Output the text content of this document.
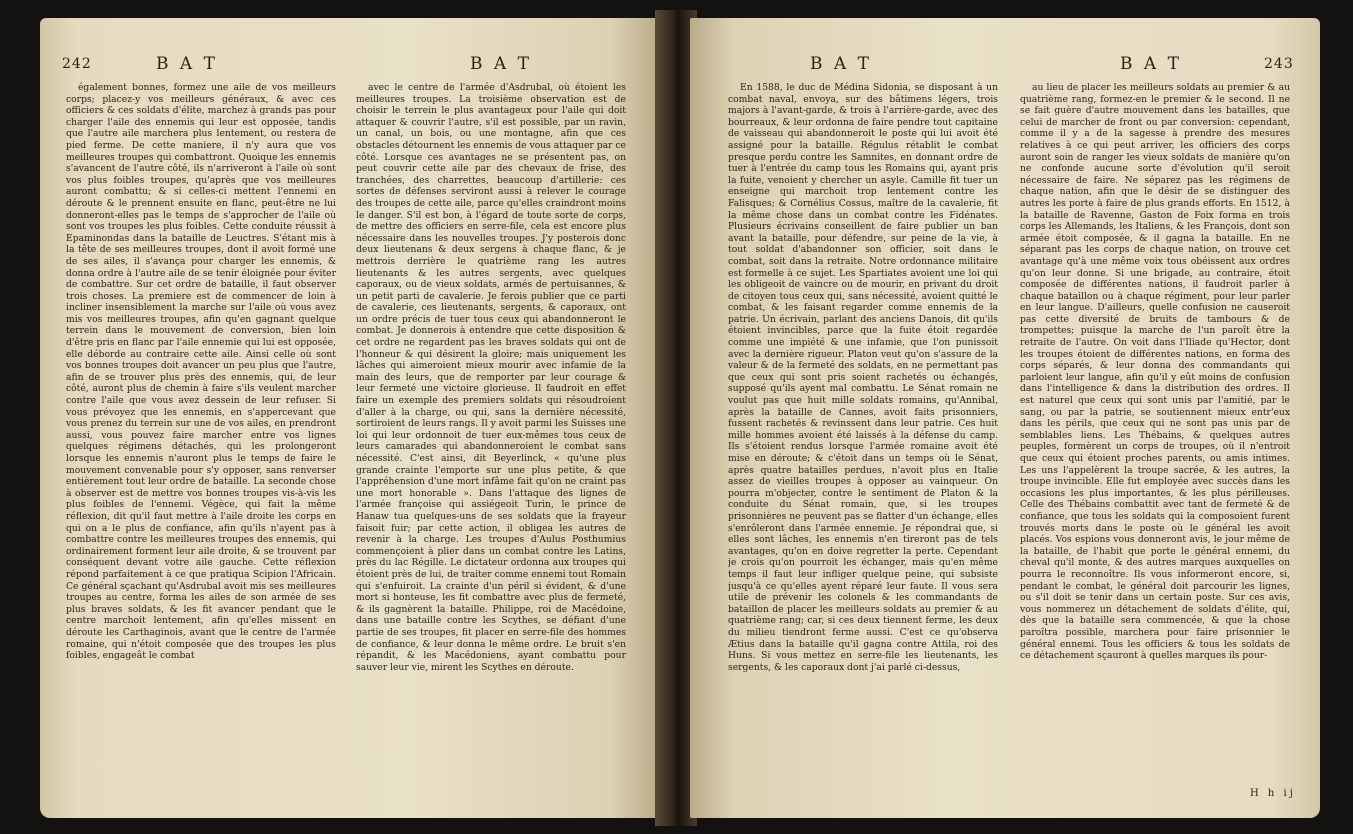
242	B A T	B A T

également bonnes, formez une aile de vos meilleurs corps; placez-y vos meilleurs généraux, & avec ces officiers & ces soldats d'élite, marchez à grands pas pour charger l'aile des ennemis qui leur est opposée, tandis que l'autre aile marchera plus lentement, ou restera de pied ferme. De cette maniere, il n'y aura que vos meilleures troupes qui combattront. Quoique les ennemis s'avancent de l'autre côté, ils n'arriveront à l'aile où sont vos plus foibles troupes, qu'après que vos meilleures auront combattu; & si celles-ci mettent l'ennemi en déroute & le prennent ensuite en flanc, peut-être ne lui donneront-elles pas le temps de s'approcher de l'aile où sont vos troupes les plus foibles. Cette conduite réussit à Epaminondas dans la bataille de Leuctres. S'étant mis à la tête de ses meilleures troupes, dont il avoit formé une de ses ailes, il s'avança pour charger les ennemis, & donna ordre à l'autre aile de se tenir éloignée pour éviter de combattre. Sur cet ordre de bataille, il faut observer trois choses. La premiere est de commencer de loin à incliner insensiblement la marche sur l'aile où vous avez mis vos meilleures troupes, afin qu'en gagnant quelque terrein dans le mouvement de conversion, bien loin d'être pris en flanc par l'aile ennemie qui lui est opposée, elle déborde au contraire cette aile. Ainsi celle où sont vos bonnes troupes doit avancer un peu plus que l'autre, afin de se trouver plus près des ennemis, qui, de leur côté, auront plus de chemin à faire s'ils veulent marcher contre l'aile que vous avez dessein de leur refuser. Si vous prévoyez que les ennemis, en s'appercevant que vous prenez du terrein sur une de vos ailes, en prendront aussi, vous pouvez faire marcher entre vos lignes quelques régimens détachés, qui les prolongeront lorsque les ennemis n'auront plus le temps de faire le mouvement convenable pour s'y opposer, sans renverser entièrement tout leur ordre de bataille. La seconde chose à observer est de mettre vos bonnes troupes vis-à-vis les plus foibles de l'ennemi. Végèce, qui fait la même réflexion, dit qu'il faut mettre à l'aile droite les corps en qui on a le plus de confiance, afin qu'ils n'ayent pas à combattre contre les meilleures troupes des ennemis, qui ordinairement forment leur aile droite, & se trouvent par conséquent devant votre aile gauche. Cette réflexion répond parfaitement à ce que pratiqua Scipion l'Africain. Ce général sçachant qu'Asdrubal avoit mis ses meilleures troupes au centre, forma les ailes de son armée de ses plus braves soldats, & les fit avancer pendant que le centre marchoit lentement, afin qu'elles missent en déroute les Carthaginois, avant que le centre de l'armée romaine, qui n'étoit composée que des troupes les plus foibles, engageât le combat

avec le centre de l'armée d'Asdrubal, où étoient les meilleures troupes. La troisième observation est de choisir le terrein le plus avantageux pour l'aile qui doit attaquer & couvrir l'autre, s'il est possible, par un ravin, un canal, un bois, ou une montagne, afin que ces obstacles détournent les ennemis de vous attaquer par ce côté. Lorsque ces avantages ne se présentent pas, on peut couvrir cette aile par des chevaux de frise, des tranchées, des charrettes, beaucoup d'artillerie: ces sortes de défenses serviront aussi à relever le courage des troupes de cette aile, parce qu'elles craindront moins le danger. S'il est bon, à l'égard de toute sorte de corps, de mettre des officiers en serre-file, cela est encore plus nécessaire dans les nouvelles troupes. J'y posterois donc deux lieutenans & deux sergens à chaque flanc, & je mettrois derrière le quatrième rang les autres lieutenants & les autres sergents, avec quelques caporaux, ou de vieux soldats, armés de pertuisannes, & un petit parti de cavalerie. Je ferois publier que ce parti de cavalerie, ces lieutenants, sergents, & caporaux, ont un ordre précis de tuer tous ceux qui abandonneront le combat. Je donnerois à entendre que cette disposition & cet ordre ne regardent pas les braves soldats qui ont de l'honneur & qui désirent la gloire; mais uniquement les lâches qui aimeroient mieux mourir avec infamie de la main des leurs, que de remporter par leur courage & leur fermeté une victoire glorieuse. Il faudroit en effet faire un exemple des premiers soldats qui résoudroient d'aller à la charge, ou qui, sans la dernière nécessité, sortiroient de leurs rangs. Il y avoit parmi les Suisses une loi qui leur ordonnoit de tuer eux-mêmes tous ceux de leurs camarades qui abandonneroient le combat sans nécessité. C'est ainsi, dit Beyerlinck, « qu'une plus grande crainte l'emporte sur une plus petite, & que l'appréhension d'une mort infâme fait qu'on ne craint pas une mort honorable ». Dans l'attaque des lignes de l'armée françoise qui assiégeoit Turin, le prince de Hanaw tua quelques-uns de ses soldats que la frayeur faisoit fuir; par cette action, il obligea les autres de revenir à la charge. Les troupes d'Aulus Posthumius commençoient à plier dans un combat contre les Latins, près du lac Régille. Le dictateur ordonna aux troupes qui étoient près de lui, de traiter comme ennemi tout Romain qui s'enfuiroit. La crainte d'un péril si évident, & d'une mort si honteuse, les fit combattre avec plus de fermeté, & ils gagnèrent la bataille. Philippe, roi de Macédoine, dans une bataille contre les Scythes, se défiant d'une partie de ses troupes, fit placer en serre-file des hommes de confiance, & leur donna le même ordre. Le bruit s'en répandit, & les Macédoniens, ayant combattu pour sauver leur vie, mirent les Scythes en déroute.

B A T	B A T	243

En 1588, le duc de Médina Sidonia, se disposant à un combat naval, envoya, sur des bâtimens légers, trois majors à l'avant-garde, & trois à l'arrière-garde, avec des bourreaux, & leur ordonna de faire pendre tout capitaine de vaisseau qui abandonneroit le poste qui lui avoit été assigné pour la bataille. Régulus rétablit le combat presque perdu contre les Samnites, en donnant ordre de tuer à l'entrée du camp tous les Romains qui, ayant pris la fuite, venoient y chercher un asyle. Camille fit tuer un enseigne qui marchoit trop lentement contre les Falisques; & Cornélius Cossus, maître de la cavalerie, fit la même chose dans un combat contre les Fidénates. Plusieurs écrivains conseillent de faire publier un ban avant la bataille, pour défendre, sur peine de la vie, à tout soldat d'abandonner son officier, soit dans le combat, soit dans la retraite. Notre ordonnance militaire est formelle à ce sujet. Les Spartiates avoient une loi qui les obligeoit de vaincre ou de mourir, en privant du droit de citoyen tous ceux qui, sans nécessité, avoient quitté le combat, & les faisant regarder comme ennemis de la patrie. Un écrivain, parlant des anciens Danois, dit qu'ils étoient invincibles, parce que la fuite étoit regardée comme une impiété & une infamie, que l'on punissoit avec la dernière rigueur. Platon veut qu'on s'assure de la valeur & de la fermeté des soldats, en ne permettant pas que ceux qui sont pris soient rachetés ou échangés, supposé qu'ils ayent mal combattu. Le Sénat romain ne voulut pas que huit mille soldats romains, qu'Annibal, après la bataille de Cannes, avoit faits prisonniers, fussent rachetés & revinssent dans leur patrie. Ces huit mille hommes avoient été laissés à la défense du camp. Ils s'étoient rendus lorsque l'armée romaine avoit été mise en déroute; & c'étoit dans un temps où le Sénat, après quatre batailles perdues, n'avoit plus en Italie assez de vieilles troupes à opposer au vainqueur. On pourra m'objecter, contre le sentiment de Platon & la conduite du Sénat romain, que, si les troupes prisonnières ne peuvent pas se flatter d'un échange, elles s'enrôleront dans l'armée ennemie. Je répondrai que, si elles sont lâches, les ennemis n'en tireront pas de tels avantages, qu'on en doive regretter la perte. Cependant je crois qu'on pourroit les échanger, mais qu'en même temps il faut leur infliger quelque peine, qui subsiste jusqu'à ce qu'elles ayent réparé leur faute. Il vous sera utile de prévenir les colonels & les commandants de bataillon de placer les meilleurs soldats au premier & au quatrième rang; car, si ces deux tiennent ferme, les deux du milieu tiendront ferme aussi. C'est ce qu'observa Ætius dans la bataille qu'il gagna contre Attila, roi des Huns. Si vous mettez en serre-file les lieutenants, les sergents, & les caporaux dont j'ai parlé ci-dessus,

au lieu de placer les meilleurs soldats au premier & au quatrième rang, formez-en le premier & le second. Il ne se fait guère d'autre mouvement dans les batailles, que celui de marcher de front ou par conversion: cependant, comme il y a de la sagesse à prendre des mesures relatives à ce qui peut arriver, les officiers des corps auront soin de ranger les vieux soldats de manière qu'on ne confonde aucune sorte d'évolution qu'il seroit nécessaire de faire. Ne séparez pas les régimens de chaque nation, afin que le désir de se distinguer des autres les porte à faire de plus grands efforts. En 1512, à la bataille de Ravenne, Gaston de Foix forma en trois corps les Allemands, les Italiens, & les François, dont son armée étoit composée, & il gagna la bataille. En ne séparant pas les corps de chaque nation, on trouve cet avantage qu'à une même voix tous obéissent aux ordres qu'on leur donne. Si une brigade, au contraire, étoit composée de différentes nations, il faudroit parler à chaque bataillon ou à chaque régiment, pour leur parler en leur langue. D'ailleurs, quelle confusion ne causeroit pas cette diversité de bruits de tambours & de trompettes; puisque la marche de l'un paroît être la retraite de l'autre. On voit dans l'Iliade qu'Hector, dont les troupes étoient de différentes nations, en forma des corps séparés, & leur donna des commandants qui parloient leur langue, afin qu'il y eût moins de confusion dans l'intelligence & dans la distribution des ordres. Il est naturel que ceux qui sont unis par l'amitié, par le sang, ou par la patrie, se soutiennent mieux entr'eux dans les périls, que ceux qui ne sont pas unis par de semblables liens. Les Thébains, & quelques autres peuples, formèrent un corps de troupes, où il n'entroit que ceux qui étoient proches parents, ou amis intimes. Les uns l'appelèrent la troupe sacrée, & les autres, la troupe invincible. Elle fut employée avec succès dans les occasions les plus importantes, & les plus périlleuses. Celle des Thébains combattit avec tant de fermeté & de confiance, que tous les soldats qui la composoient furent trouvés morts dans le poste où le général les avoit placés. Vos espions vous donneront avis, le jour même de la bataille, de l'habit que porte le général ennemi, du cheval qu'il monte, & des autres marques auxquelles on pourra le reconnoître. Ils vous informeront encore, si, pendant le combat, le général doit parcourir les lignes, ou s'il doit se tenir dans un certain poste. Sur ces avis, vous nommerez un détachement de soldats d'élite, qui, dès que la bataille sera commencée, & que la chose paroîtra possible, marchera pour faire prisonnier le général ennemi. Tous les officiers & tous les soldats de ce détachement sçauront à quelles marques ils pour-

H h ij
